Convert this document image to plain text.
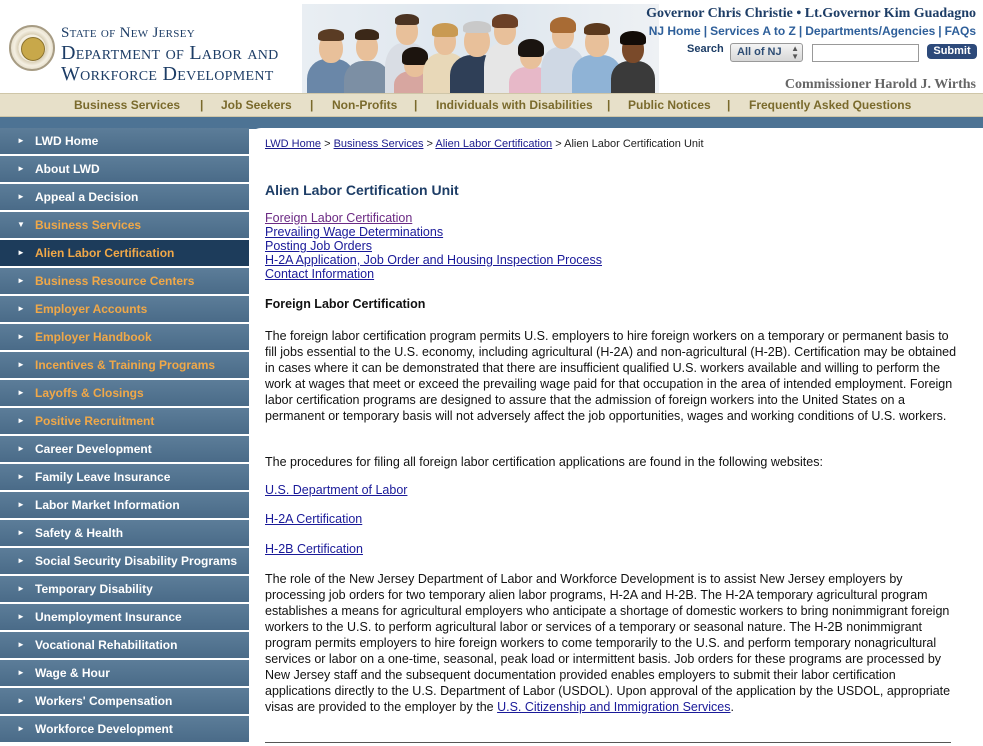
State of New Jersey
Department of Labor and
Workforce Development
Governor Chris Christie • Lt.Governor Kim Guadagno
NJ Home | Services A to Z | Departments/Agencies | FAQs
Search	All of NJ ▲
▼	Submit
Commissioner Harold J. Wirths
Business Services | Job Seekers | Non-Profits | Individuals with Disabilities | Public Notices | Frequently Asked Questions
► LWD Home
► About LWD
► Appeal a Decision
▼ Business Services
► Alien Labor Certification
► Business Resource Centers
► Employer Accounts
► Employer Handbook
► Incentives & Training Programs
► Layoffs & Closings
► Positive Recruitment
► Career Development
► Family Leave Insurance
► Labor Market Information
► Safety & Health
► Social Security Disability Programs
► Temporary Disability
► Unemployment Insurance
► Vocational Rehabilitation
► Wage & Hour
► Workers' Compensation
► Workforce Development
LWD Home > Business Services > Alien Labor Certification > Alien Labor Certification Unit
Alien Labor Certification Unit
Foreign Labor Certification
Prevailing Wage Determinations
Posting Job Orders
H-2A Application, Job Order and Housing Inspection Process
Contact Information
Foreign Labor Certification

The foreign labor certification program permits U.S. employers to hire foreign workers on a temporary or permanent basis to fill jobs essential to the U.S. economy, including agricultural (H-2A) and non-agricultural (H-2B). Certification may be obtained in cases where it can be demonstrated that there are insufficient qualified U.S. workers available and willing to perform the work at wages that meet or exceed the prevailing wage paid for that occupation in the area of intended employment. Foreign labor certification programs are designed to assure that the admission of foreign workers into the United States on a permanent or temporary basis will not adversely affect the job opportunities, wages and working conditions of U.S. workers.

The procedures for filing all foreign labor certification applications are found in the following websites:

U.S. Department of Labor
H-2A Certification
H-2B Certification

The role of the New Jersey Department of Labor and Workforce Development is to assist New Jersey employers by processing job orders for two temporary alien labor programs, H-2A and H-2B. The H-2A temporary agricultural program establishes a means for agricultural employers who anticipate a shortage of domestic workers to bring nonimmigrant foreign workers to the U.S. to perform agricultural labor or services of a temporary or seasonal nature. The H-2B nonimmigrant program permits employers to hire foreign workers to come temporarily to the U.S. and perform temporary nonagricultural services or labor on a one-time, seasonal, peak load or intermittent basis. Job orders for these programs are processed by New Jersey staff and the subsequent documentation provided enables employers to submit their labor certification applications directly to the U.S. Department of Labor (USDOL). Upon approval of the application by the USDOL, appropriate visas are provided to the employer by the U.S. Citizenship and Immigration Services.
